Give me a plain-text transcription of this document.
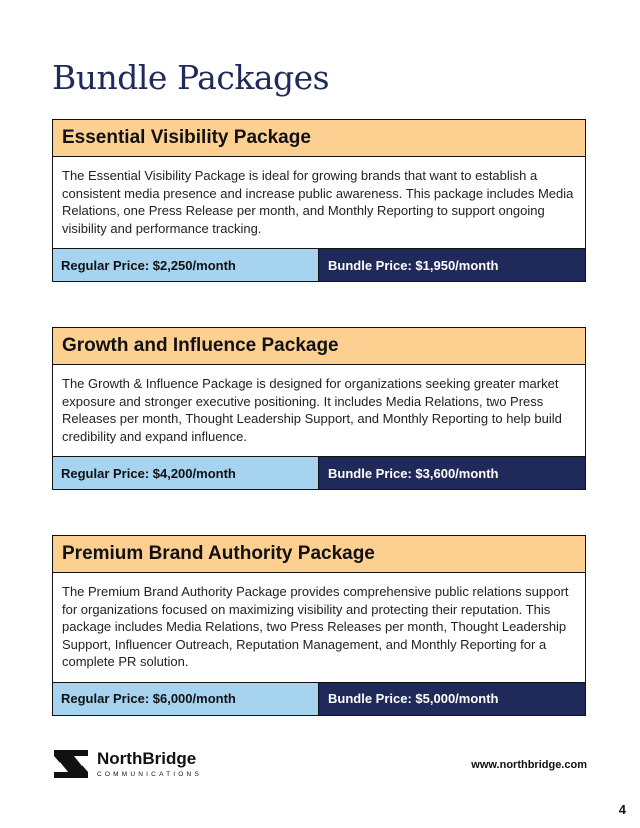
Bundle Packages
Essential Visibility Package
The Essential Visibility Package is ideal for growing brands that want to establish a consistent media presence and increase public awareness. This package includes Media Relations, one Press Release per month, and Monthly Reporting to support ongoing visibility and performance tracking.
Regular Price: $2,250/month	Bundle Price: $1,950/month
Growth and Influence Package
The Growth & Influence Package is designed for organizations seeking greater market exposure and stronger executive positioning. It includes Media Relations, two Press Releases per month, Thought Leadership Support, and Monthly Reporting to help build credibility and expand influence.
Regular Price: $4,200/month	Bundle Price: $3,600/month
Premium Brand Authority Package
The Premium Brand Authority Package provides comprehensive public relations support for organizations focused on maximizing visibility and protecting their reputation. This package includes Media Relations, two Press Releases per month, Thought Leadership Support, Influencer Outreach, Reputation Management, and Monthly Reporting for a complete PR solution.
Regular Price: $6,000/month	Bundle Price: $5,000/month
NorthBridge
COMMUNICATIONS
www.northbridge.com
4
